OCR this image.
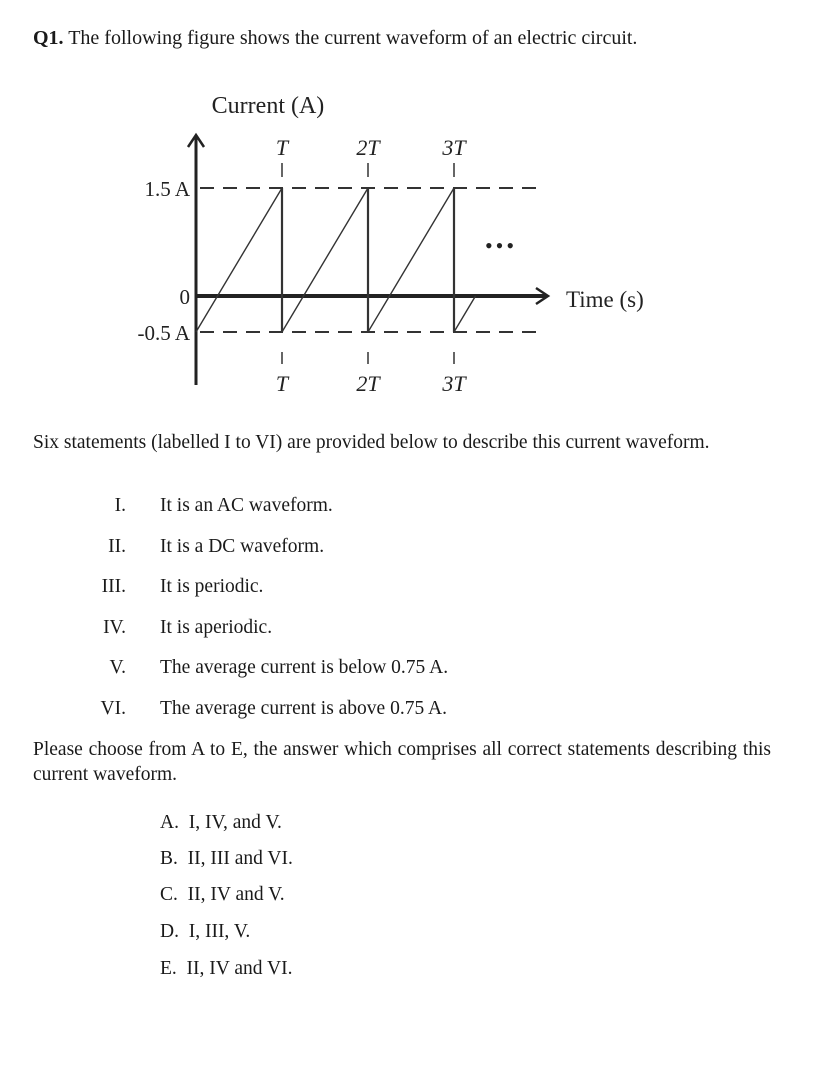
Q1. The following figure shows the current waveform of an electric circuit.
•••
Current (A)
Time (s)
1.5 A
0
-0.5 A
T	2T	3T
T	2T	3T
Six statements (labelled I to VI) are provided below to describe this current waveform.
I. It is an AC waveform.
II. It is a DC waveform.
III. It is periodic.
IV. It is aperiodic.
V. The average current is below 0.75 A.
VI. The average current is above 0.75 A.
Please choose from A to E, the answer which comprises all correct statements describing this current waveform.
A.  I, IV, and V.
B.  II, III and VI.
C.  II, IV and V.
D.  I, III, V.
E.  II, IV and VI.
